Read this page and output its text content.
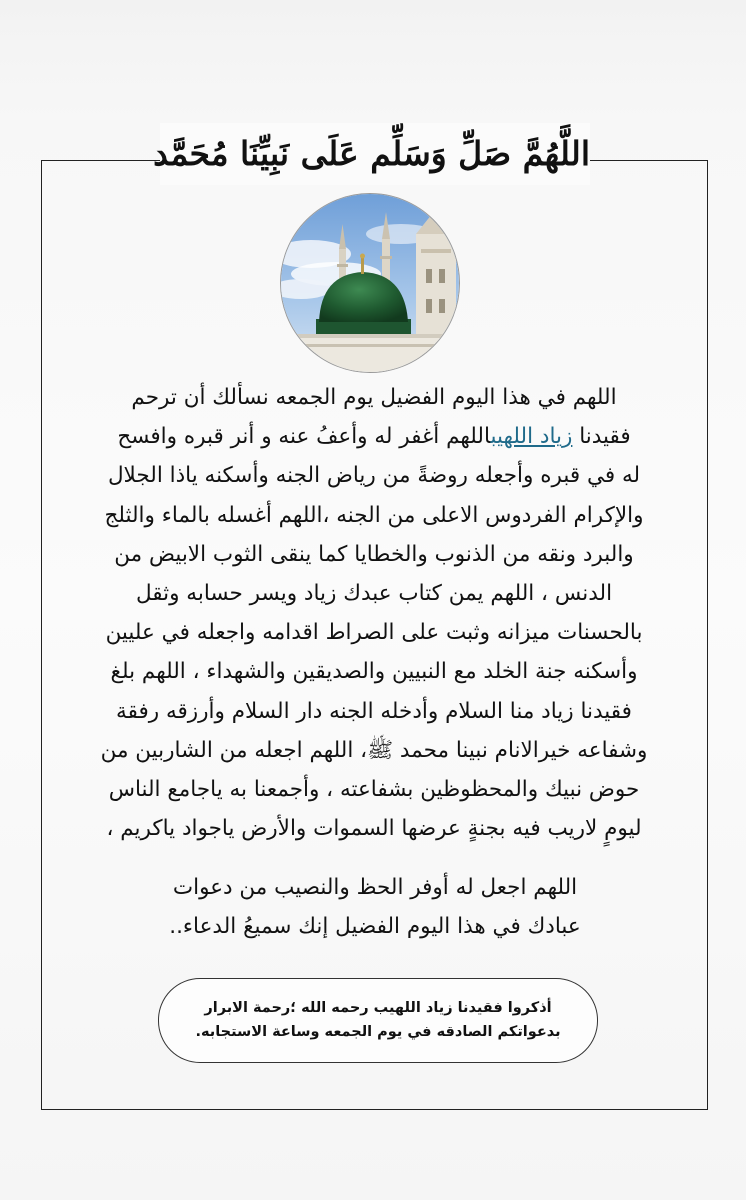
اللَّهُمَّ صَلِّ وَسَلِّم عَلَى نَبِيِّنَا مُحَمَّد

اللهم في هذا اليوم الفضيل يوم الجمعه نسألك أن ترحم

فقيدنا زياد اللهيباللهم أغفر له وأعفُ عنه و أنر قبره وافسح

له في قبره وأجعله روضةً من رياض الجنه وأسكنه ياذا الجلال

والإكرام الفردوس الاعلى من الجنه ،اللهم أغسله بالماء والثلج

والبرد ونقه من الذنوب والخطايا كما ينقى الثوب الابيض من

الدنس ، اللهم يمن كتاب عبدك زياد ويسر حسابه وثقل

بالحسنات ميزانه وثبت على الصراط اقدامه واجعله في عليين

وأسكنه جنة الخلد مع النبيين والصديقين والشهداء ، اللهم بلغ

فقيدنا زياد منا السلام وأدخله الجنه دار السلام وأرزقه رفقة

وشفاعه خيرالانام نبينا محمد ﷺ، اللهم اجعله من الشاربين من

حوض نبيك والمحظوظين بشفاعته ، وأجمعنا به ياجامع الناس

ليومٍ لاريب فيه بجنةٍ عرضها السموات والأرض ياجواد ياكريم ،

اللهم اجعل له أوفر الحظ والنصيب من دعوات

عبادك في هذا اليوم الفضيل إنك سميعُ الدعاء..

أذكروا فقيدنا زياد اللهيب رحمه الله ؛رحمة الابرار

بدعواتكم الصادقه في يوم الجمعه وساعة الاستجابه.
